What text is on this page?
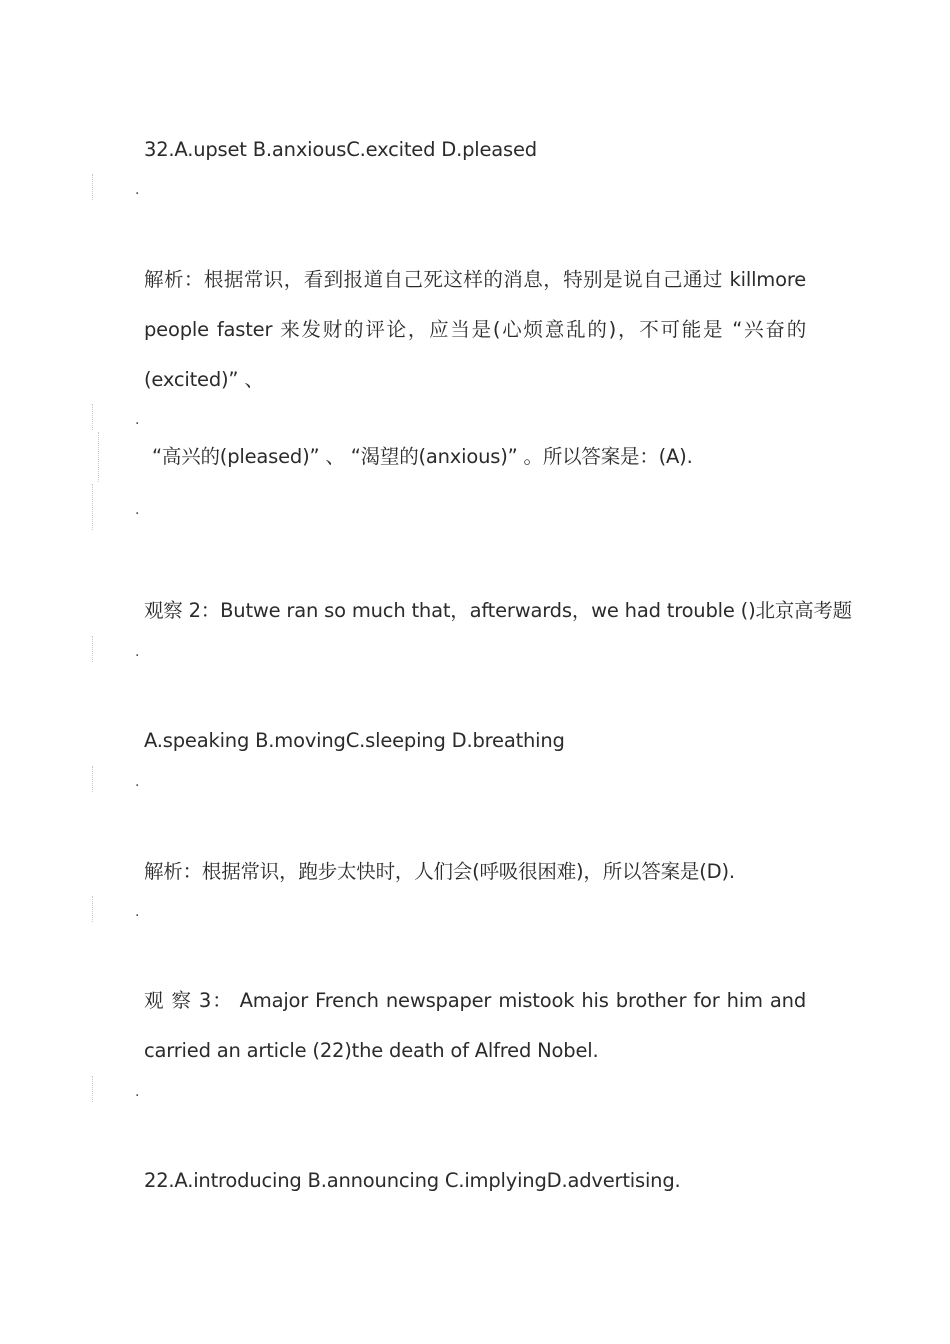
32.A.upset B.anxiousC.excited D.pleased
.
解析：根据常识，看到报道自己死这样的消息，特别是说自己通过 killmore
people faster 来发财的评论，应当是(心烦意乱的)，不可能是 “兴奋的
(excited)” 、
.
“高兴的(pleased)” 、 “渴望的(anxious)” 。所以答案是：(A).
.
观察 2：Butwe ran so much that，afterwards，we had trouble ()北京高考题
.
A.speaking B.movingC.sleeping D.breathing
.
解析：根据常识，跑步太快时，人们会(呼吸很困难)，所以答案是(D).
.
观 察 3： Amajor French newspaper mistook his brother for him and
carried an article (22)the death of Alfred Nobel.
.
22.A.introducing B.announcing C.implyingD.advertising.
